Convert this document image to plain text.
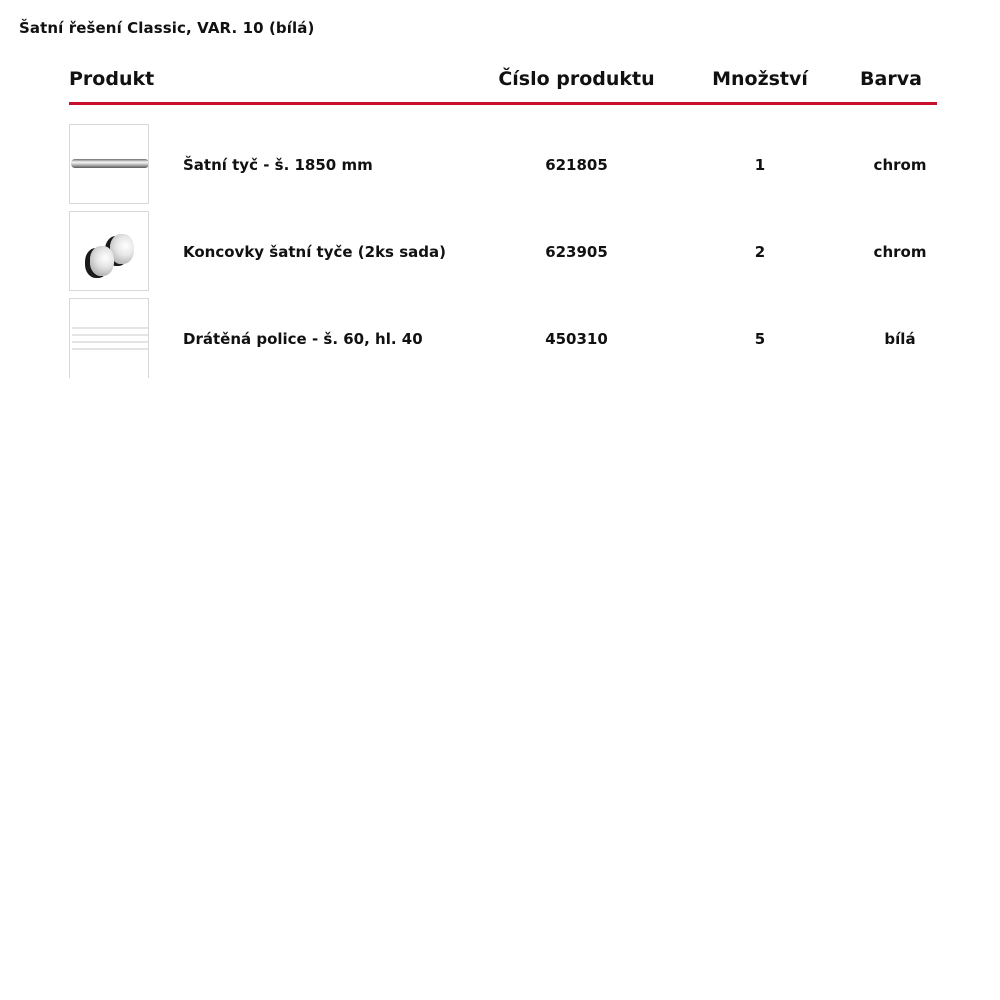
Šatní řešení Classic, VAR. 10 (bílá)
Produkt	Číslo produktu	Množství	Barva
Šatní tyč - š. 1850 mm	621805	1	chrom
Koncovky šatní tyče (2ks sada)	623905	2	chrom
Drátěná police - š. 60, hl. 40	450310	5	bílá
